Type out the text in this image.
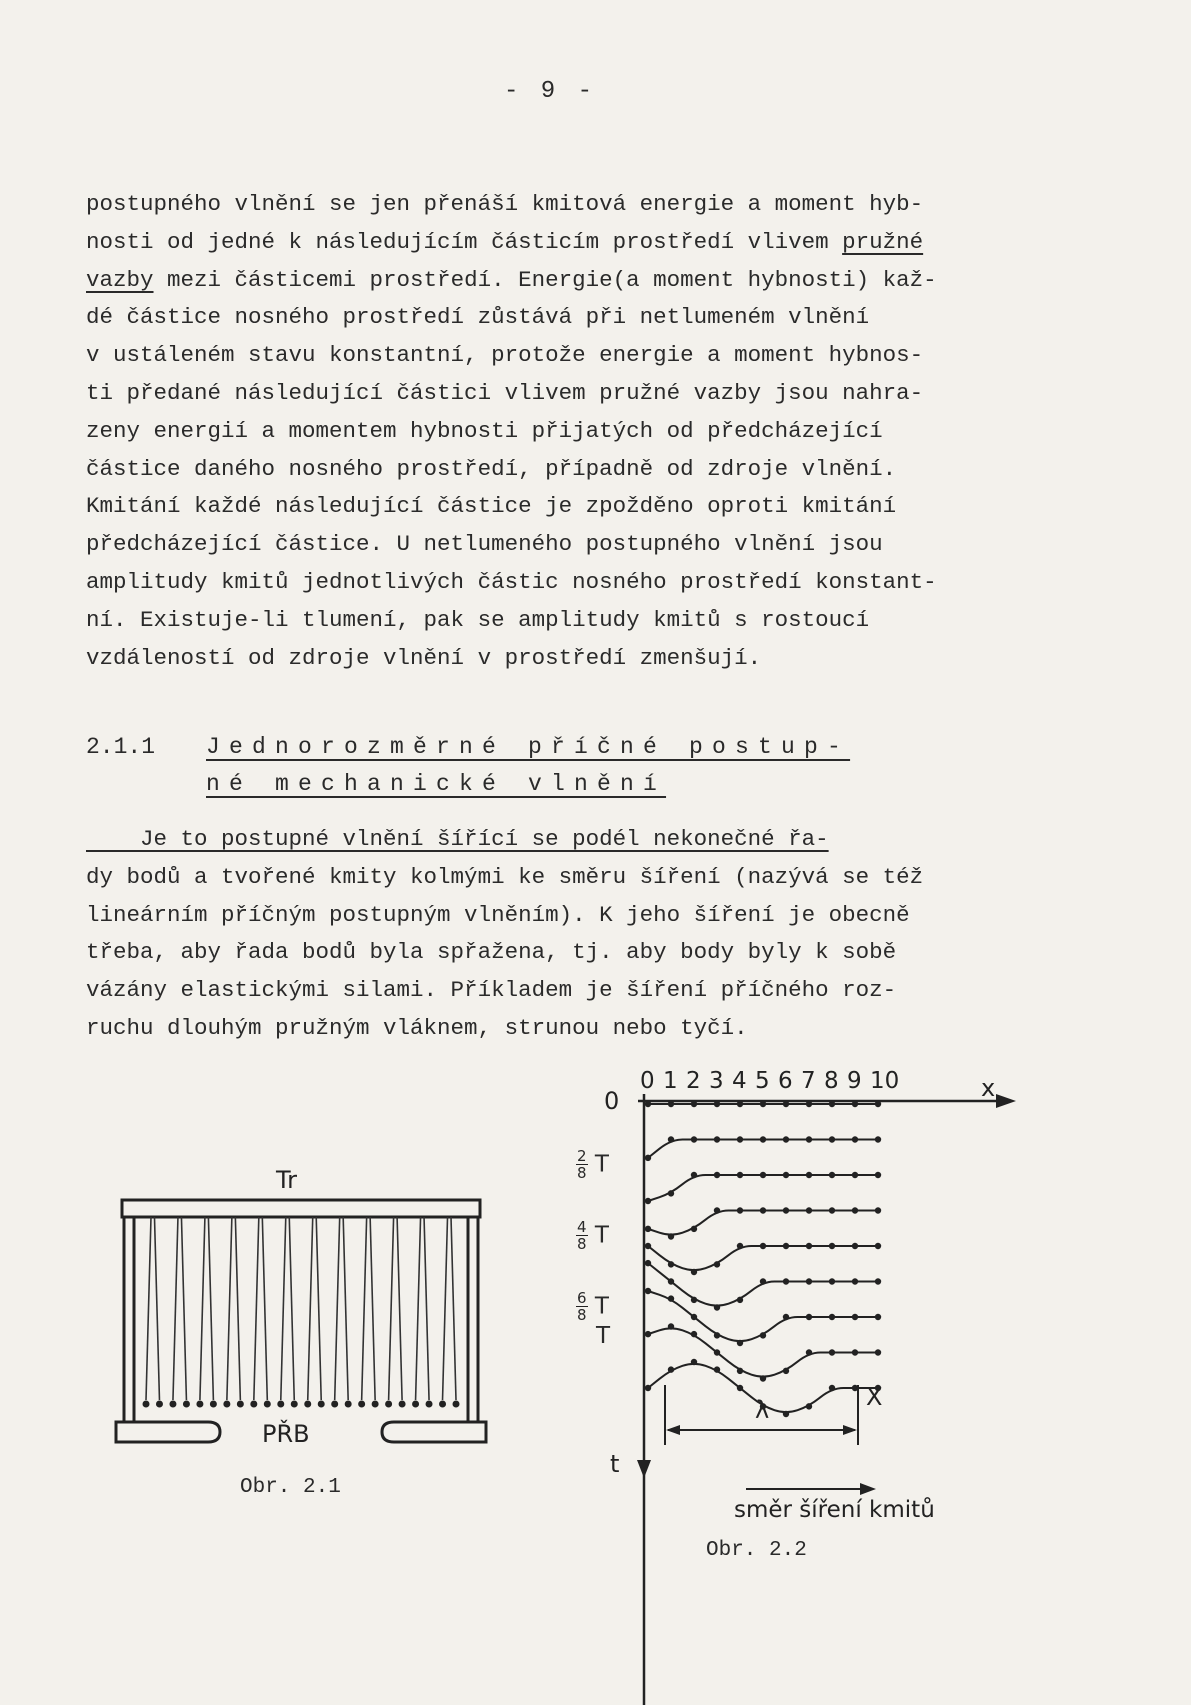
- 9 -
postupného vlnění se jen přenáší kmitová energie a moment hyb-
nosti od jedné k následujícím částicím prostředí vlivem pružné
vazby mezi částicemi prostředí. Energie(a moment hybnosti) kaž-
dé částice nosného prostředí zůstává při netlumeném vlnění
v ustáleném stavu konstantní, protože energie a moment hybnos-
ti předané následující částici vlivem pružné vazby jsou nahra-
zeny energií a momentem hybnosti přijatých od předcházející
částice daného nosného prostředí, případně od zdroje vlnění.
Kmitání každé následující částice je zpožděno oproti kmitání
předcházející částice. U netlumeného postupného vlnění jsou
amplitudy kmitů jednotlivých částic nosného prostředí konstant-
ní. Existuje-li tlumení, pak se amplitudy kmitů s rostoucí
vzdáleností od zdroje vlnění v prostředí zmenšují.
2.1.1 Jednorozměrné příčné postup-
né mechanické vlnění
Je to postupné vlnění šířící se podél nekonečné řa-
dy bodů a tvořené kmity kolmými ke směru šíření (nazývá se též
lineárním příčným postupným vlněním). K jeho šíření je obecně
třeba, aby řada bodů byla spřažena, tj. aby body byly k sobě
vázány elastickými silami. Příkladem je šíření příčného roz-
ruchu dlouhým pružným vláknem, strunou nebo tyčí.
Tr
PŘB
Obr. 2.1
0	x
t
λ	X
směr šíření kmitů
Obr. 2.2
0 1 2 3 4 5 6 7 8 9 10
$\frac{2}{8}$ T
$\frac{4}{8}$ T
$\frac{6}{8}$ T
T
